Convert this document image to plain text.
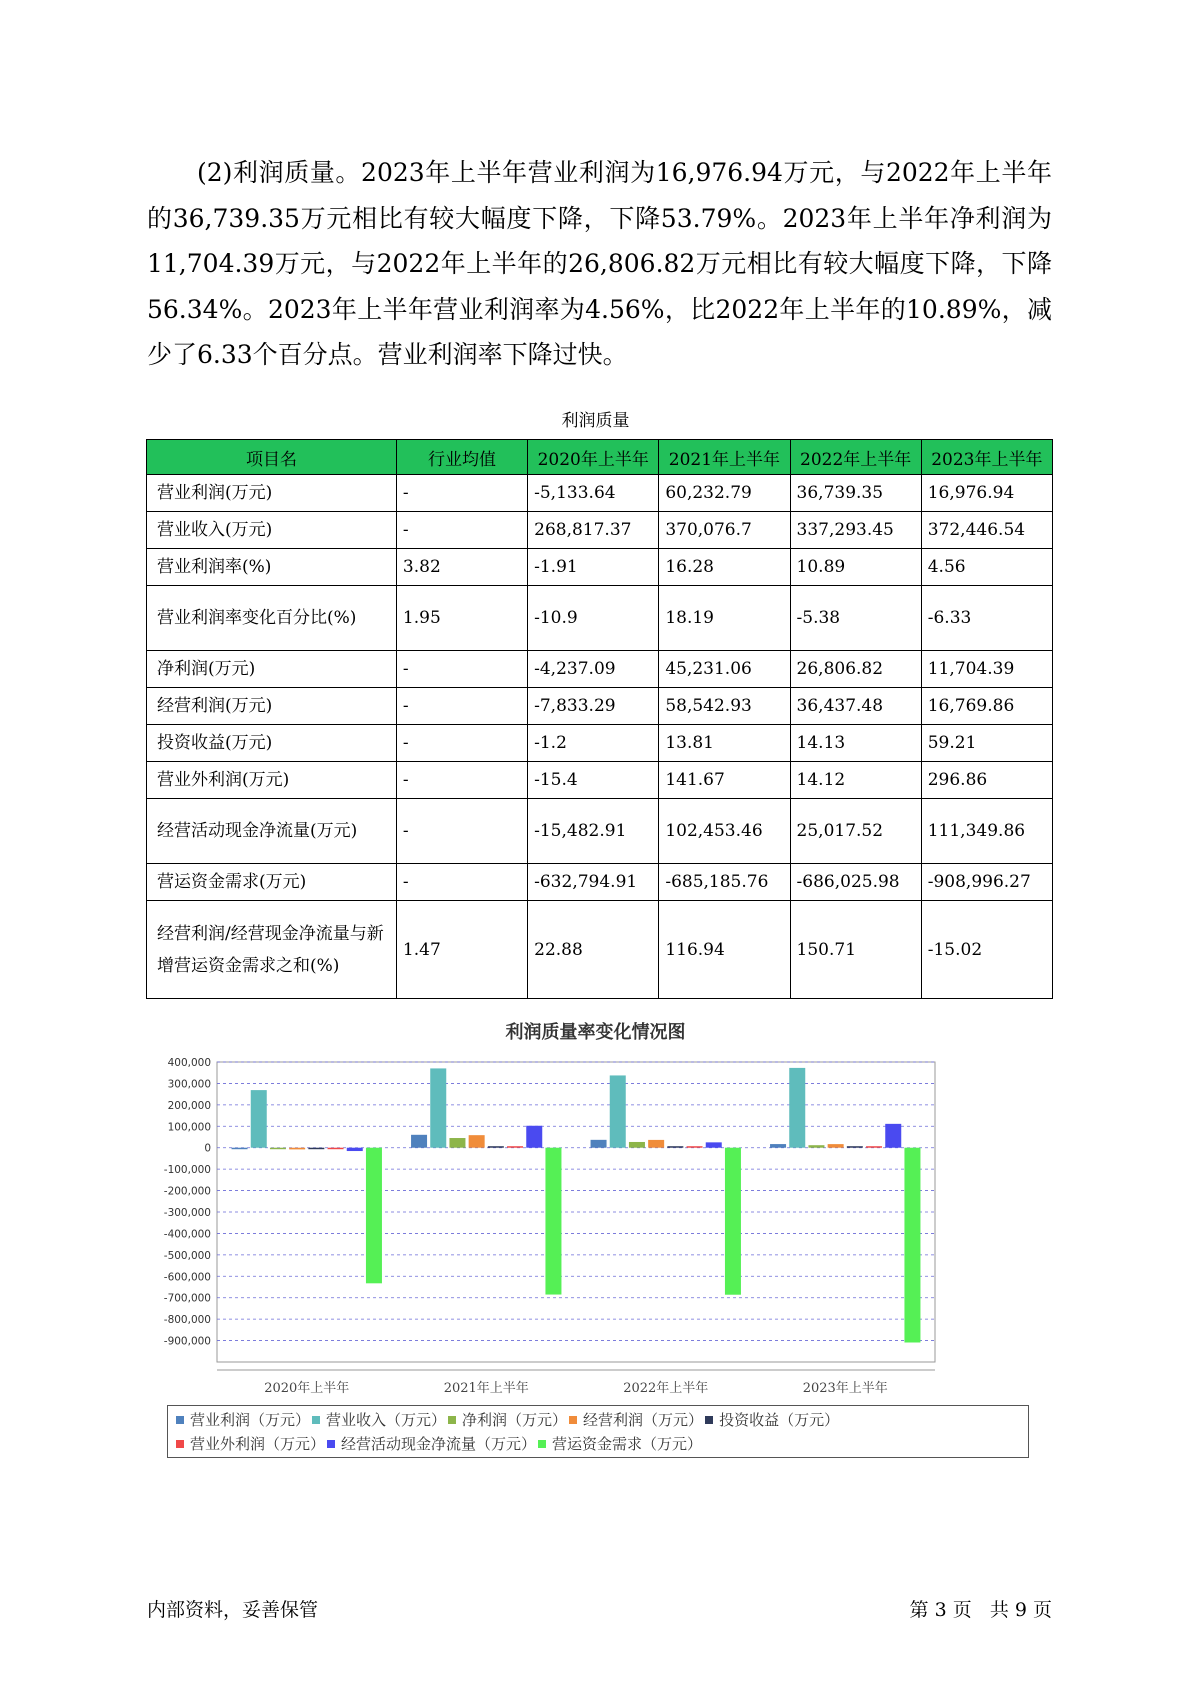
(2)利润质量。2023年上半年营业利润为16,976.94万元，与2022年上半年的36,739.35万元相比有较大幅度下降，下降53.79%。2023年上半年净利润为11,704.39万元，与2022年上半年的26,806.82万元相比有较大幅度下降，下降56.34%。2023年上半年营业利润率为4.56%，比2022年上半年的10.89%，减少了6.33个百分点。营业利润率下降过快。

利润质量
项目名	行业均值	2020年上半年	2021年上半年	2022年上半年	2023年上半年
营业利润(万元)	-	-5,133.64	60,232.79	36,739.35	16,976.94
营业收入(万元)	-	268,817.37	370,076.7	337,293.45	372,446.54
营业利润率(%)	3.82	-1.91	16.28	10.89	4.56
营业利润率变化百分比(%)	1.95	-10.9	18.19	-5.38	-6.33
净利润(万元)	-	-4,237.09	45,231.06	26,806.82	11,704.39
经营利润(万元)	-	-7,833.29	58,542.93	36,437.48	16,769.86
投资收益(万元)	-	-1.2	13.81	14.13	59.21
营业外利润(万元)	-	-15.4	141.67	14.12	296.86
经营活动现金净流量(万元)	-	-15,482.91	102,453.46	25,017.52	111,349.86
营运资金需求(万元)	-	-632,794.91	-685,185.76	-686,025.98	-908,996.27
经营利润/经营现金净流量与新增营运资金需求之和(%)	1.47	22.88	116.94	150.71	-15.02
利润质量率变化情况图
400,000
300,000
200,000
100,000
0
-100,000
-200,000
-300,000
-400,000
-500,000
-600,000
-700,000
-800,000
-900,000
2020年上半年	2021年上半年	2022年上半年	2023年上半年
营业利润（万元） 营业收入（万元） 净利润（万元） 经营利润（万元） 投资收益（万元）
营业外利润（万元） 经营活动现金净流量（万元） 营运资金需求（万元）
内部资料，妥善保管	第 3 页 共 9 页
